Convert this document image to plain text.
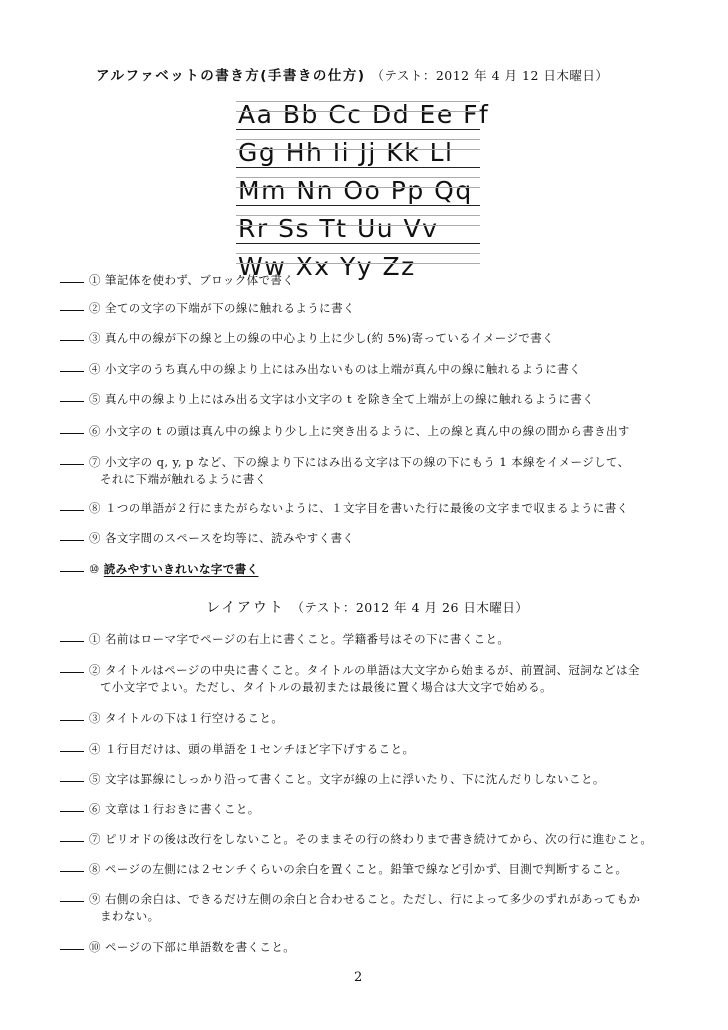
アルファベットの書き方(手書きの仕方) （テスト：2012 年 4 月 12 日木曜日）
Aa Bb Cc Dd Ee Ff
Gg Hh Ii Jj Kk Ll
Mm Nn Oo Pp Qq
Rr Ss Tt Uu Vv
Ww Xx Yy Zz
① 筆記体を使わず、ブロック体で書く
② 全ての文字の下端が下の線に触れるように書く
③ 真ん中の線が下の線と上の線の中心より上に少し(約 5%)寄っているイメージで書く
④ 小文字のうち真ん中の線より上にはみ出ないものは上端が真ん中の線に触れるように書く
⑤ 真ん中の線より上にはみ出る文字は小文字の t を除き全て上端が上の線に触れるように書く
⑥ 小文字の t の頭は真ん中の線より少し上に突き出るように、上の線と真ん中の線の間から書き出す
⑦ 小文字の q, y, p など、下の線より下にはみ出る文字は下の線の下にもう 1 本線をイメージして、
それに下端が触れるように書く
⑧ １つの単語が２行にまたがらないように、１文字目を書いた行に最後の文字まで収まるように書く
⑨ 各文字間のスペースを均等に、読みやすく書く
⑩ 読みやすいきれいな字で書く
レイアウト （テスト：2012 年 4 月 26 日木曜日）
① 名前はローマ字でページの右上に書くこと。学籍番号はその下に書くこと。
② タイトルはページの中央に書くこと。タイトルの単語は大文字から始まるが、前置詞、冠詞などは全
て小文字でよい。ただし、タイトルの最初または最後に置く場合は大文字で始める。
③ タイトルの下は１行空けること。
④ １行目だけは、頭の単語を１センチほど字下げすること。
⑤ 文字は罫線にしっかり沿って書くこと。文字が線の上に浮いたり、下に沈んだりしないこと。
⑥ 文章は１行おきに書くこと。
⑦ ピリオドの後は改行をしないこと。そのままその行の終わりまで書き続けてから、次の行に進むこと。
⑧ ページの左側には２センチくらいの余白を置くこと。鉛筆で線など引かず、目測で判断すること。
⑨ 右側の余白は、できるだけ左側の余白と合わせること。ただし、行によって多少のずれがあってもか
まわない。
⑩ ページの下部に単語数を書くこと。
2
